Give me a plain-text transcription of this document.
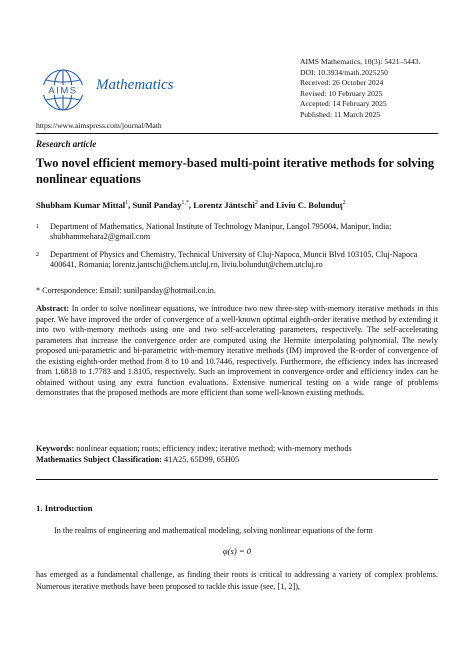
AIMS Mathematics
https://www.aimspress.com/journal/Math
AIMS Mathematics, 10(3): 5421–5443.
DOI: 10.3934/math.2025250
Received: 26 October 2024
Revised: 10 February 2025
Accepted: 14 February 2025
Published: 11 March 2025
Research article
Two novel efficient memory-based multi-point iterative methods for solving nonlinear equations
Shubham Kumar Mittal$^1$, Sunil Panday$^{1,*}$, Lorentz Jäntschi$^2$ and Liviu C. Bolunduţ$^2$
1 Department of Mathematics, National Institute of Technology Manipur, Langol 795004, Manipur, India; shubhammehara2@gmail.com
2 Department of Physics and Chemistry, Technical University of Cluj-Napoca, Muncii Blvd 103105, Cluj-Napoca 400641, Romania; lorentz.jantschi@chem.utcluj.ro, liviu.bolundut@chem.utcluj.ro
* Correspondence: Email: sunilpanday@hotmail.co.in.
Abstract: In order to solve nonlinear equations, we introduce two new three-step with-memory iterative methods in this paper. We have improved the order of convergence of a well-known optimal eighth-order iterative method by extending it into two with-memory methods using one and two self-accelerating parameters, respectively. The self-accelerating parameters that increase the convergence order are computed using the Hermite interpolating polynomial. The newly proposed uni-parametric and bi-parametric with-memory iterative methods (IM) improved the R-order of convergence of the existing eighth-order method from 8 to 10 and 10.7446, respectively. Furthermore, the efficiency index has increased from 1.6818 to 1.7783 and 1.8105, respectively. Such an improvement in convergence order and efficiency index can be obtained without using any extra function evaluations. Extensive numerical testing on a wide range of problems demonstrates that the proposed methods are more efficient than some well-known existing methods.
Keywords: nonlinear equation; roots; efficiency index; iterative method; with-memory methods
Mathematics Subject Classification: 41A25, 65D99, 65H05
1. Introduction
In the realms of engineering and mathematical modeling, solving nonlinear equations of the form
φ(s) = 0
has emerged as a fundamental challenge, as finding their roots is critical to addressing a variety of complex problems. Numerous iterative methods have been proposed to tackle this issue (see, [1, 2]),
